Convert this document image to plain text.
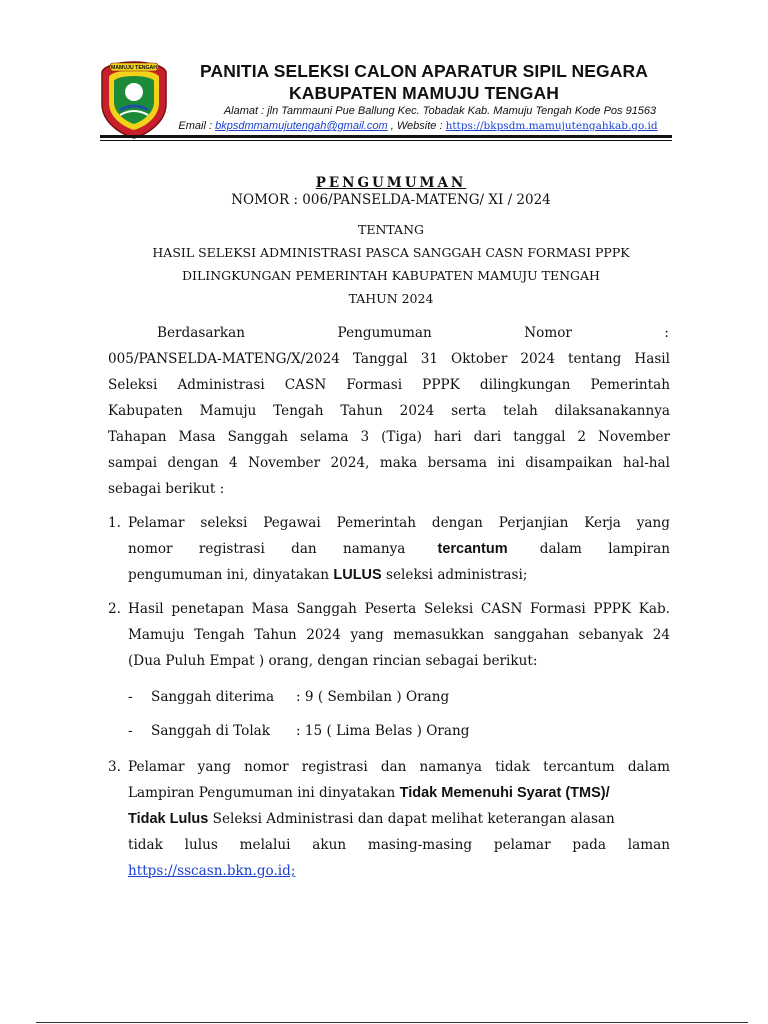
MAMUJU TENGAH	PANITIA SELEKSI CALON APARATUR SIPIL NEGARA
KABUPATEN MAMUJU TENGAH
Alamat : jln Tammauni Pue Ballung Kec. Tobadak Kab. Mamuju Tengah Kode Pos 91563
Email : bkpsdmmamujutengah@gmail.com , Website : https://bkpsdm.mamujutengahkab.go.id
PENGUMUMAN
NOMOR : 006/PANSELDA-MATENG/ XI / 2024
TENTANG
HASIL SELEKSI ADMINISTRASI PASCA SANGGAH CASN FORMASI PPPK
DILINGKUNGAN PEMERINTAH KABUPATEN MAMUJU TENGAH
TAHUN 2024
Berdasarkan	Pengumuman	Nomor	:
005/PANSELDA-MATENG/X/2024 Tanggal 31 Oktober 2024 tentang Hasil
Seleksi Administrasi CASN Formasi PPPK dilingkungan Pemerintah
Kabupaten Mamuju Tengah Tahun 2024 serta telah dilaksanakannya
Tahapan Masa Sanggah selama 3 (Tiga) hari dari tanggal 2 November
sampai dengan 4 November 2024, maka bersama ini disampaikan hal-hal
sebagai berikut :
1. Pelamar seleksi Pegawai Pemerintah dengan Perjanjian Kerja yang
nomor registrasi dan namanya tercantum dalam lampiran
pengumuman ini, dinyatakan LULUS seleksi administrasi;
2. Hasil penetapan Masa Sanggah Peserta Seleksi CASN Formasi PPPK Kab.
Mamuju Tengah Tahun 2024 yang memasukkan sanggahan sebanyak 24
(Dua Puluh Empat ) orang, dengan rincian sebagai berikut:
- Sanggah diterima : 9 ( Sembilan ) Orang
- Sanggah di Tolak : 15 ( Lima Belas ) Orang
3. Pelamar yang nomor registrasi dan namanya tidak tercantum dalam
Lampiran Pengumuman ini dinyatakan Tidak Memenuhi Syarat (TMS)/
Tidak Lulus Seleksi Administrasi dan dapat melihat keterangan alasan
tidak lulus melalui akun masing-masing pelamar pada laman
https://sscasn.bkn.go.id;
